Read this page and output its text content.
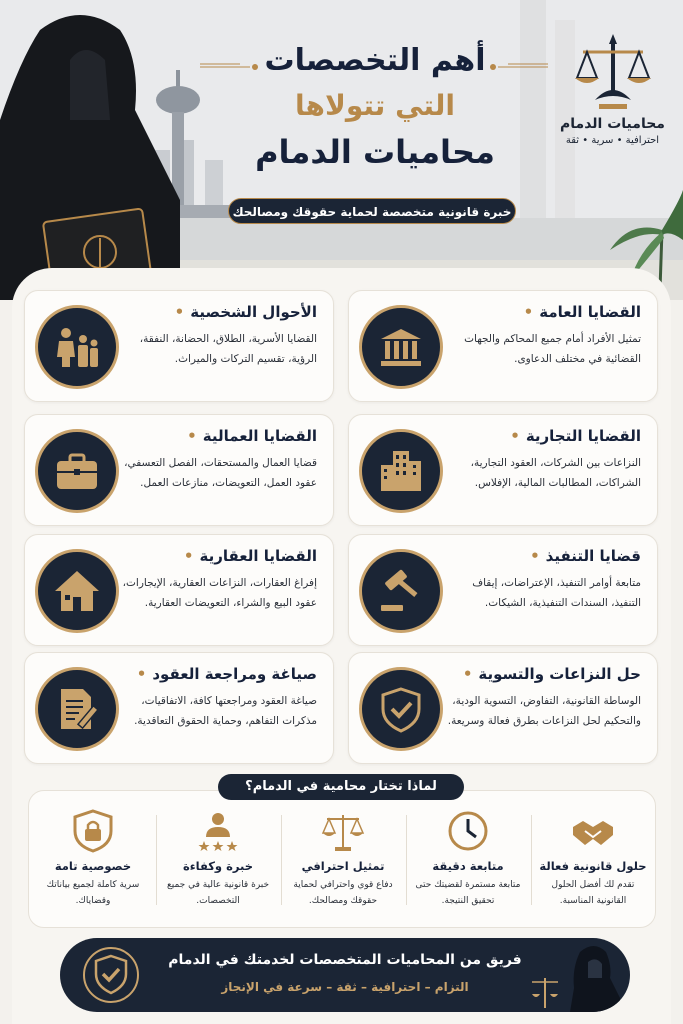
محاميات الدمام
احترافية • سرية • ثقة
أهم التخصصات
التي تتولاها
محاميات الدمام
خبرة قانونية متخصصة لحماية حقوقك ومصالحك
القضايا العامة•
تمثيل الأفراد أمام جميع المحاكم والجهات القضائية في مختلف الدعاوى.
الأحوال الشخصية•
القضايا الأسرية، الطلاق، الحضانة، النفقة، الرؤية، تقسيم التركات والميراث.
القضايا التجارية•
النزاعات بين الشركات، العقود التجارية، الشراكات، المطالبات المالية، الإفلاس.
القضايا العمالية•
قضايا العمال والمستحقات، الفصل التعسفي، عقود العمل، التعويضات، منازعات العمل.
قضايا التنفيذ•
متابعة أوامر التنفيذ، الإعتراضات، إيقاف التنفيذ، السندات التنفيذية، الشيكات.
القضايا العقارية•
إفراغ العقارات، النزاعات العقارية، الإيجارات، عقود البيع والشراء، التعويضات العقارية.
حل النزاعات والتسوية•
الوساطة القانونية، التفاوض، التسوية الودية، والتحكيم لحل النزاعات بطرق فعالة وسريعة.
صياغة ومراجعة العقود•
صياغة العقود ومراجعتها كافة، الاتفاقيات، مذكرات التفاهم، وحماية الحقوق التعاقدية.
حلول قانونية فعالة
تقدم لك أفضل الحلول القانونية المناسبة.
متابعة دقيقة
متابعة مستمرة لقضيتك حتى تحقيق النتيجة.
تمثيل احترافي
دفاع قوي واحترافي لحماية حقوقك ومصالحك.
خبرة وكفاءة
خبرة قانونية عالية في جميع التخصصات.
خصوصية تامة
سرية كاملة لجميع بياناتك وقضاياك.
لماذا تختار محامية في الدمام؟
فريق من المحاميات المتخصصات لخدمتك في الدمام
التزام – احترافية – ثقة – سرعة في الإنجاز
